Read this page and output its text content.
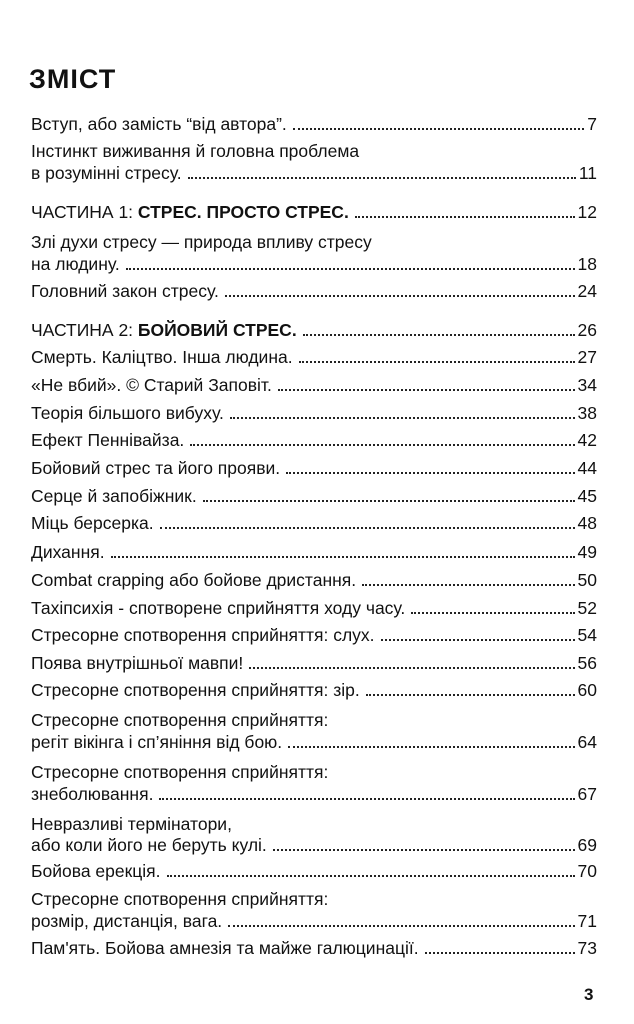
ЗМІСТ
Вступ, або замість “від автора”.	7
Інстинкт виживання й головна проблема
в розумінні стресу.	11
ЧАСТИНА 1: СТРЕС. ПРОСТО СТРЕС.	12
Злі духи стресу — природа впливу стресу
на людину.	18
Головний закон стресу.	24
ЧАСТИНА 2: БОЙОВИЙ СТРЕС.	26
Смерть. Каліцтво. Інша людина.	27
«Не вбий». © Старий Заповіт.	34
Теорія більшого вибуху.	38
Ефект Пеннівайза.	42
Бойовий стрес та його прояви.	44
Серце й запобіжник.	45
Міць берсерка.	48
Дихання.	49
Combat crapping або бойове дристання.	50
Тахіпсихія - спотворене сприйняття ходу часу.	52
Стресорне спотворення сприйняття: слух.	54
Поява внутрішньої мавпи!	56
Стресорне спотворення сприйняття: зір.	60
Стресорне спотворення сприйняття:
регіт вікінга і сп’яніння від бою.	64
Стресорне спотворення сприйняття:
знеболювання.	67
Невразливі термінатори,
або коли його не беруть кулі.	69
Бойова ерекція.	70
Стресорне спотворення сприйняття:
розмір, дистанція, вага.	71
Пам'ять. Бойова амнезія та майже галюцинації.	73
3
